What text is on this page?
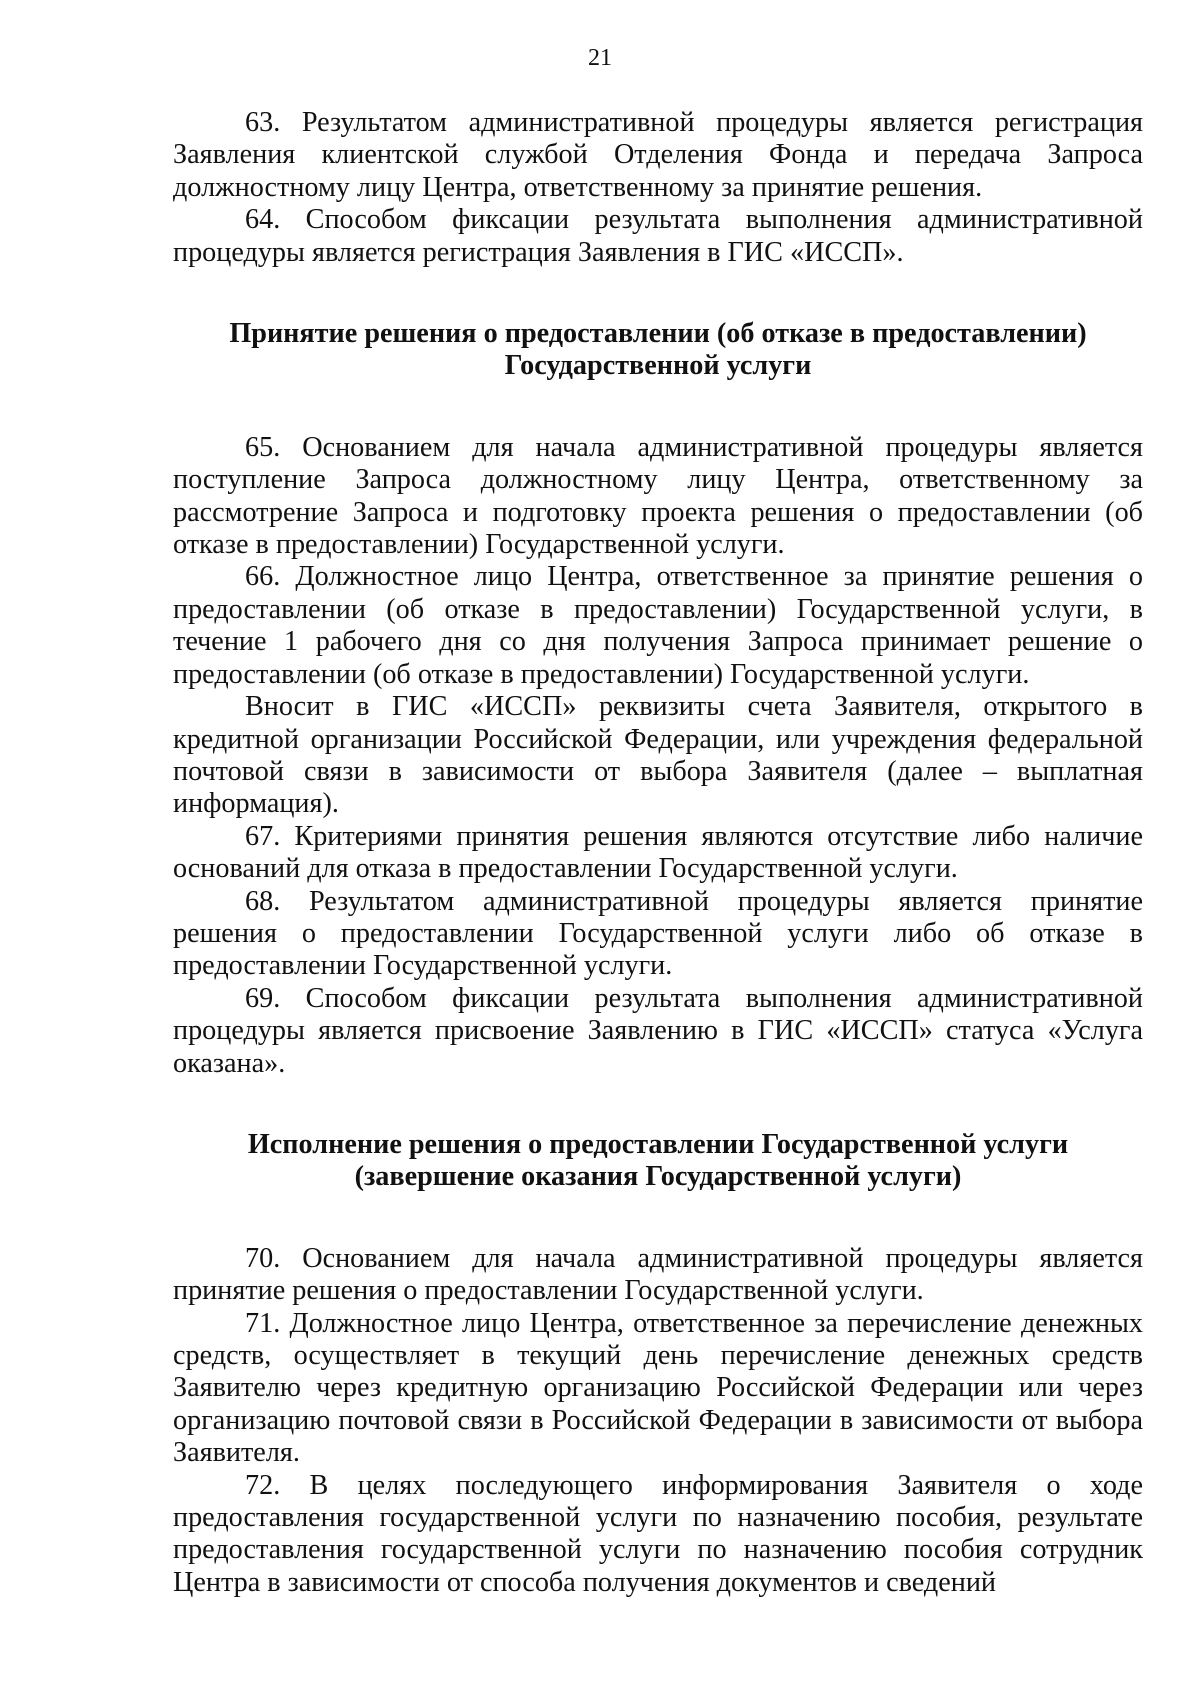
21

63. Результатом административной процедуры является регистрация Заявления клиентской службой Отделения Фонда и передача Запроса должностному лицу Центра, ответственному за принятие решения.

64. Способом фиксации результата выполнения административной процедуры является регистрация Заявления в ГИС «ИССП».

Принятие решения о предоставлении (об отказе в предоставлении)
Государственной услуги

65. Основанием для начала административной процедуры является поступление Запроса должностному лицу Центра, ответственному за рассмотрение Запроса и подготовку проекта решения о предоставлении (об отказе в предоставлении) Государственной услуги.

66. Должностное лицо Центра, ответственное за принятие решения о предоставлении (об отказе в предоставлении) Государственной услуги, в течение 1 рабочего дня со дня получения Запроса принимает решение о предоставлении (об отказе в предоставлении) Государственной услуги.

Вносит в ГИС «ИССП» реквизиты счета Заявителя, открытого в кредитной организации Российской Федерации, или учреждения федеральной почтовой связи в зависимости от выбора Заявителя (далее – выплатная информация).

67. Критериями принятия решения являются отсутствие либо наличие оснований для отказа в предоставлении Государственной услуги.

68. Результатом административной процедуры является принятие решения о предоставлении Государственной услуги либо об отказе в предоставлении Государственной услуги.

69. Способом фиксации результата выполнения административной процедуры является присвоение Заявлению в ГИС «ИССП» статуса «Услуга оказана».

Исполнение решения о предоставлении Государственной услуги
(завершение оказания Государственной услуги)

70. Основанием для начала административной процедуры является принятие решения о предоставлении Государственной услуги.

71. Должностное лицо Центра, ответственное за перечисление денежных средств, осуществляет в текущий день перечисление денежных средств Заявителю через кредитную организацию Российской Федерации или через организацию почтовой связи в Российской Федерации в зависимости от выбора Заявителя.

72. В целях последующего информирования Заявителя о ходе предоставления государственной услуги по назначению пособия, результате предоставления государственной услуги по назначению пособия сотрудник Центра в зависимости от способа получения документов и сведений
